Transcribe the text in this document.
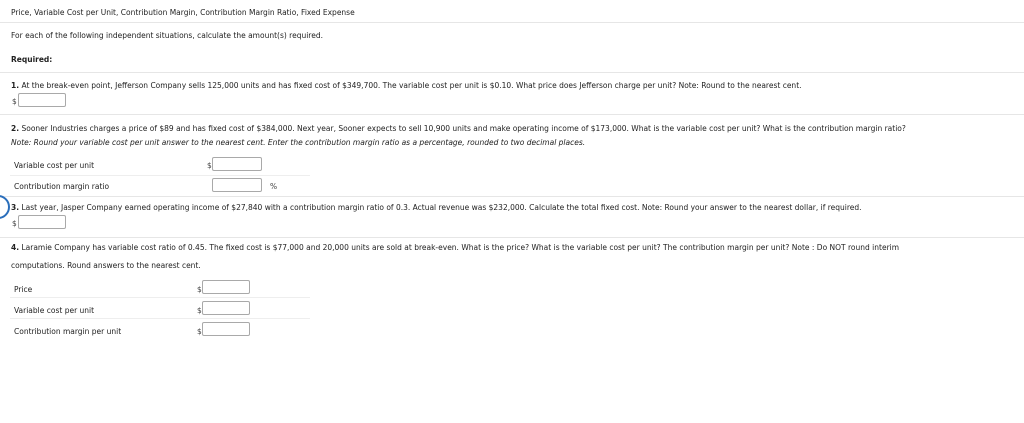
Price, Variable Cost per Unit, Contribution Margin, Contribution Margin Ratio, Fixed Expense
For each of the following independent situations, calculate the amount(s) required.
Required:
1. At the break-even point, Jefferson Company sells 125,000 units and has fixed cost of $349,700. The variable cost per unit is $0.10. What price does Jefferson charge per unit? Note: Round to the nearest cent.
$
2. Sooner Industries charges a price of $89 and has fixed cost of $384,000. Next year, Sooner expects to sell 10,900 units and make operating income of $173,000. What is the variable cost per unit? What is the contribution margin ratio?
Note: Round your variable cost per unit answer to the nearest cent. Enter the contribution margin ratio as a percentage, rounded to two decimal places.
Variable cost per unit	$
Contribution margin ratio	%
3. Last year, Jasper Company earned operating income of $27,840 with a contribution margin ratio of 0.3. Actual revenue was $232,000. Calculate the total fixed cost. Note: Round your answer to the nearest dollar, if required.
$
4. Laramie Company has variable cost ratio of 0.45. The fixed cost is $77,000 and 20,000 units are sold at break-even. What is the price? What is the variable cost per unit? The contribution margin per unit? Note : Do NOT round interim
computations. Round answers to the nearest cent.
Price	$
Variable cost per unit	$
Contribution margin per unit	$
